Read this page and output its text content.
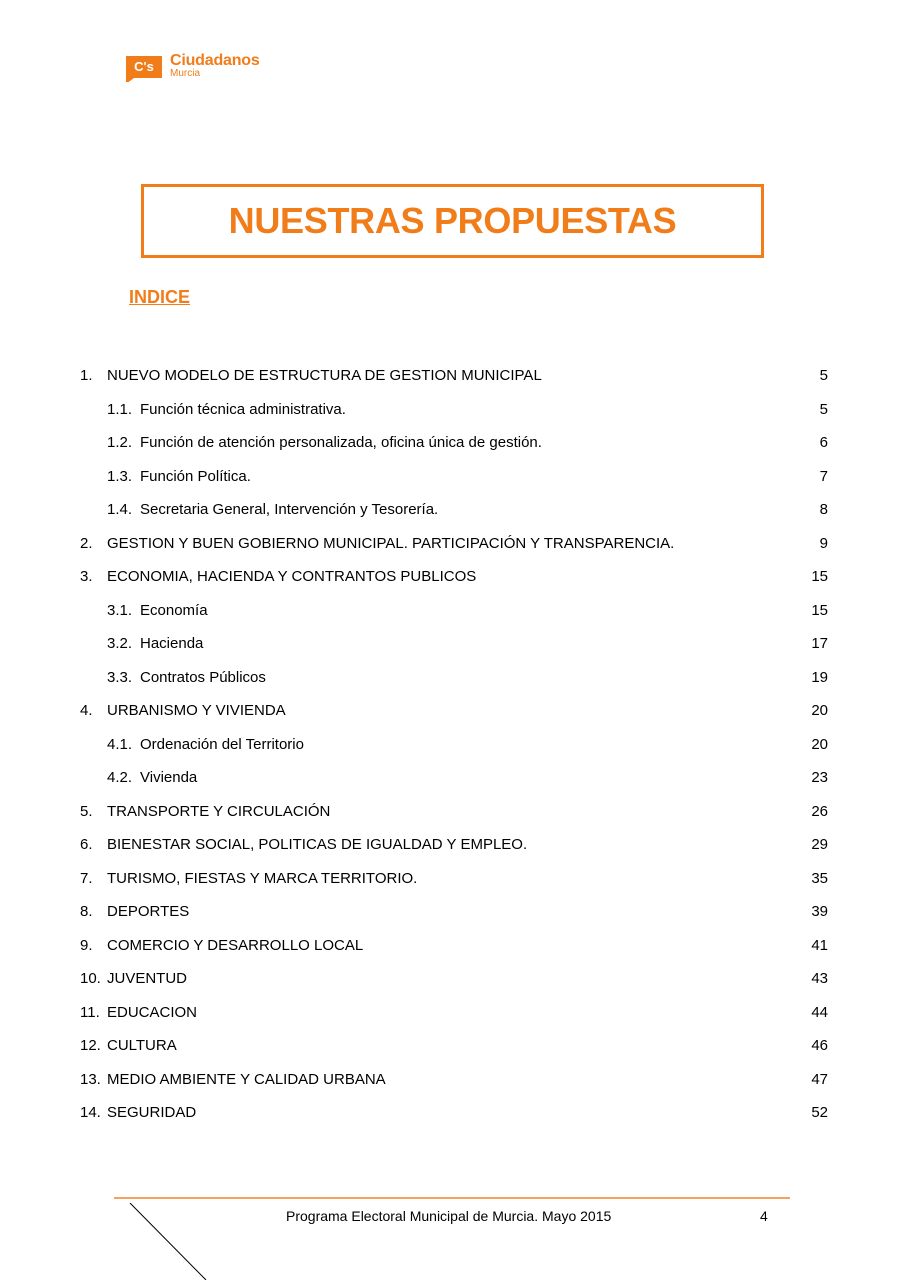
C's Ciudadanos
Murcia
NUESTRAS PROPUESTAS
INDICE
1. NUEVO MODELO DE ESTRUCTURA DE GESTION MUNICIPAL	5
1.1. Función técnica administrativa.	5
1.2. Función de atención personalizada, oficina única de gestión.	6
1.3. Función Política.	7
1.4. Secretaria General, Intervención y Tesorería.	8
2. GESTION Y BUEN GOBIERNO MUNICIPAL. PARTICIPACIÓN Y TRANSPARENCIA.	9
3. ECONOMIA, HACIENDA Y CONTRANTOS PUBLICOS	15
3.1. Economía	15
3.2. Hacienda	17
3.3. Contratos Públicos	19
4. URBANISMO Y VIVIENDA	20
4.1. Ordenación del Territorio	20
4.2. Vivienda	23
5. TRANSPORTE Y CIRCULACIÓN	26
6. BIENESTAR SOCIAL, POLITICAS DE IGUALDAD Y EMPLEO.	29
7. TURISMO, FIESTAS Y MARCA TERRITORIO.	35
8. DEPORTES	39
9. COMERCIO Y DESARROLLO LOCAL	41
10. JUVENTUD	43
11. EDUCACION	44
12. CULTURA	46
13. MEDIO AMBIENTE Y CALIDAD URBANA	47
14. SEGURIDAD	52
Programa Electoral Municipal de Murcia. Mayo 2015	4
